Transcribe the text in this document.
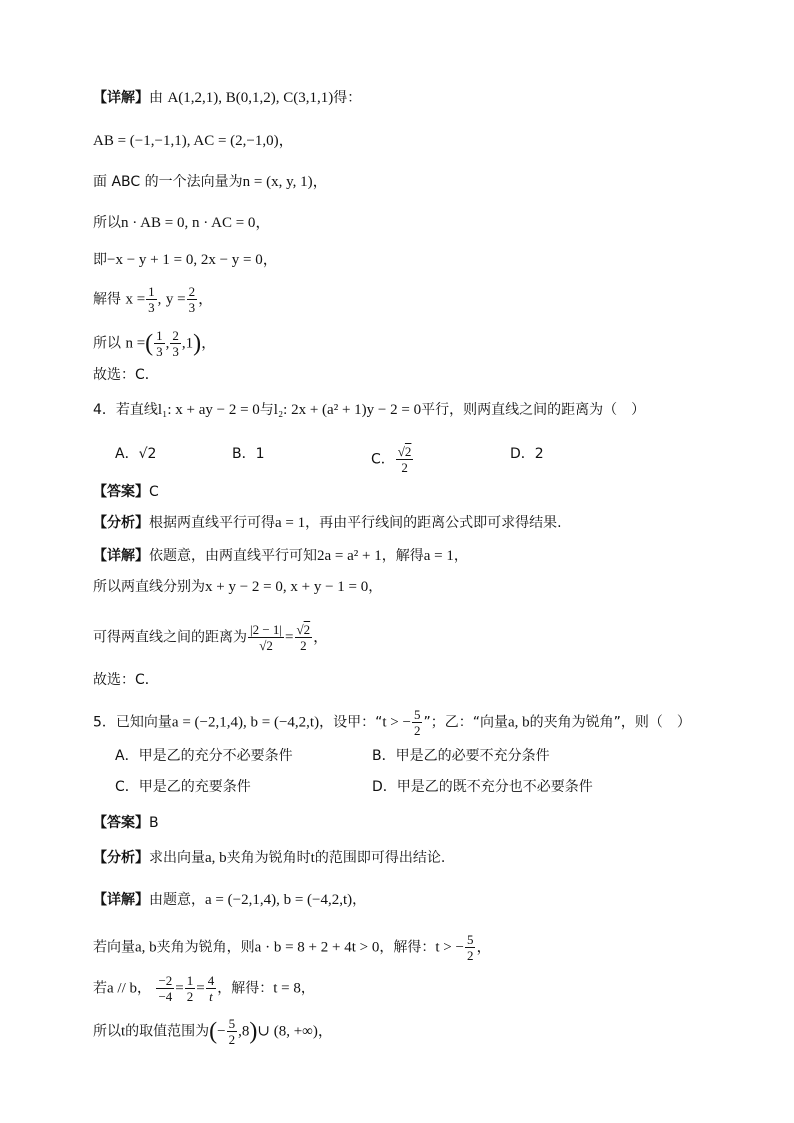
【详解】由 A(1,2,1), B(0,1,2), C(3,1,1)得：
AB = (−1,−1,1), AC = (2,−1,0)，
面 ABC 的一个法向量为n = (x, y, 1)，
所以n · AB = 0, n · AC = 0，
即−x − y + 1 = 0, 2x − y = 0，
解得 $x = \frac{1}{3}$ , $y = \frac{2}{3}$ ，
所以 n =( $\frac{1}{3}$ , $\frac{2}{3} ,1$)，
故选：C．
4．若直线l₁: x + ay − 2 = 0与l₂: 2x + (a² + 1)y − 2 = 0平行，则两直线之间的距离为（　）
A．√2	B．1	C． $\frac{√2}{2}$	D．2
【答案】C
【分析】根据两直线平行可得a = 1，再由平行线间的距离公式即可求得结果.
【详解】依题意，由两直线平行可知2a = a² + 1，解得a = 1，
所以两直线分别为x + y − 2 = 0, x + y − 1 = 0，
可得两直线之间的距离为 $\frac{|2 - 1|}{√2} = \frac{√2}{2}$ ，
故选：C．
5．已知向量a = (−2,1,4), b = (−4,2,t)，设甲：“t > − $\frac{5}{2}$ ”；乙：“向量a, b的夹角为锐角”，则（　）
A．甲是乙的充分不必要条件	B．甲是乙的必要不充分条件
C．甲是乙的充要条件	D．甲是乙的既不充分也不必要条件
【答案】B
【分析】求出向量a, b夹角为锐角时t的范围即可得出结论.
【详解】由题意，a = (−2,1,4), b = (−4,2,t)，
若向量a, b夹角为锐角，则a · b = 8 + 2 + 4t > 0，解得：t > − $\frac{5}{2}$ ，
若a // b， $\frac{-2}{-4} = \frac{1}{2} = \frac{4}{t}$ ，解得：t = 8，
所以t的取值范围为(− $\frac{5}{2}$ ,8)∪ (8, +∞)，
